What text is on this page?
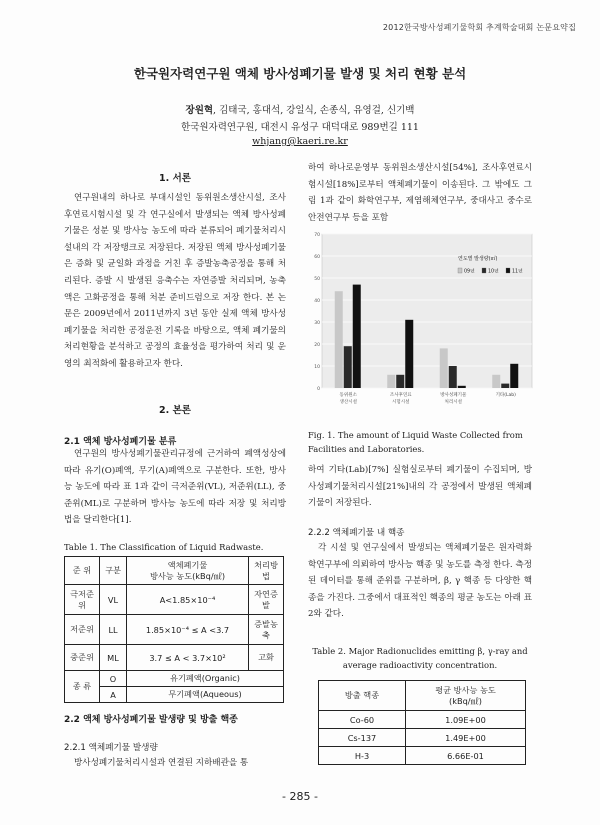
2012한국방사성폐기물학회 추계학술대회 논문요약집
한국원자력연구원 액체 방사성폐기물 발생 및 처리 현황 분석
장원혁, 김태국, 홍대석, 강일식, 손종식, 유영걸, 신기백
한국원자력연구원, 대전시 유성구 대덕대로 989번길 111
whjang@kaeri.re.kr
1. 서론
연구원내의 하나로 부대시설인 동위원소생산시설, 조사후연료시험시설 및 각 연구실에서 발생되는 액체 방사성폐기물은 성분 및 방사능 농도에 따라 분류되어 폐기물처리시설내의 각 저장탱크로 저장된다. 저장된 액체 방사성폐기물은 증화 및 균일화 과정을 거친 후 증발농축공정을 통해 처리된다. 증발 시 발생된 응축수는 자연증발 처리되며, 농축액은 고화공정을 통해 처분 준비드럼으로 저장 한다. 본 논문은 2009년에서 2011년까지 3년 동안 실제 액체 방사성폐기물을 처리한 공정운전 기록을 바탕으로, 액체 폐기물의 처리현황을 분석하고 공정의 효율성을 평가하여 처리 및 운영의 최적화에 활용하고자 한다.
2. 본론
2.1 액체 방사성폐기물 분류
연구원의 방사성폐기물관리규정에 근거하여 폐액성상에 따라 유기(O)폐액, 무기(A)폐액으로 구분한다. 또한, 방사능 농도에 따라 표 1과 같이 극저준위(VL), 저준위(LL), 중준위(ML)로 구분하며 방사능 농도에 따라 저장 및 처리방법을 달리한다[1].
Table 1. The Classification of Liquid Radwaste.
준 위	구분	액체폐기물
방사능 농도(kBq/㎖)	처리방법
극저준위	VL	A<1.85×10⁻⁴	자연증발
저준위	LL	1.85×10⁻⁴ ≤ A <3.7	증발농축
중준위	ML	3.7 ≤ A < 3.7×10²	고화
종 류	O	유기폐액(Organic)	
	A	무기폐액(Aqueous)	
2.2 액체 방사성폐기물 발생량 및 방출 핵종
2.2.1 액체폐기물 발생량
방사성폐기물처리시설과 연결된 지하배관을 통
하여 하나로운영부 동위원소생산시설[54%], 조사후연료시험시설[18%]로부터 액체폐기물이 이송된다. 그 밖에도 그림 1과 같이 화학연구부, 제염해체연구부, 중대사고 중수로 안전연구부 등을 포함
0
10
20
30
40
50
60
70
동위원소
생산시설
조사후연료
시험시설
방사성폐기물
처리시설
기타(Lab)
연도별 발생량(㎥)
09년	10년	11년
Fig. 1. The amount of Liquid Waste Collected from Facilities and Laboratories.
하여 기타(Lab)[7%] 실험실로부터 폐기물이 수집되며, 방사성폐기물처리시설[21%]내의 각 공정에서 발생된 액체폐기물이 저장된다.
2.2.2 액체폐기물 내 핵종
각 시설 및 연구실에서 발생되는 액체폐기물은 원자력화학연구부에 의뢰하여 방사능 핵종 및 농도를 측정 한다. 측정된 데이터를 통해 준위를 구분하며, β, γ 핵종 등 다양한 핵종을 가진다. 그중에서 대표적인 핵종의 평균 농도는 아래 표 2와 같다.
Table 2. Major Radionuclides emitting β, γ-ray and
average radioactivity concentration.
방출 핵종	평균 방사능 농도
(kBq/㎖)

Co-60	1.09E+00
Cs-137	1.49E+00
H-3	6.66E-01
- 285 -
